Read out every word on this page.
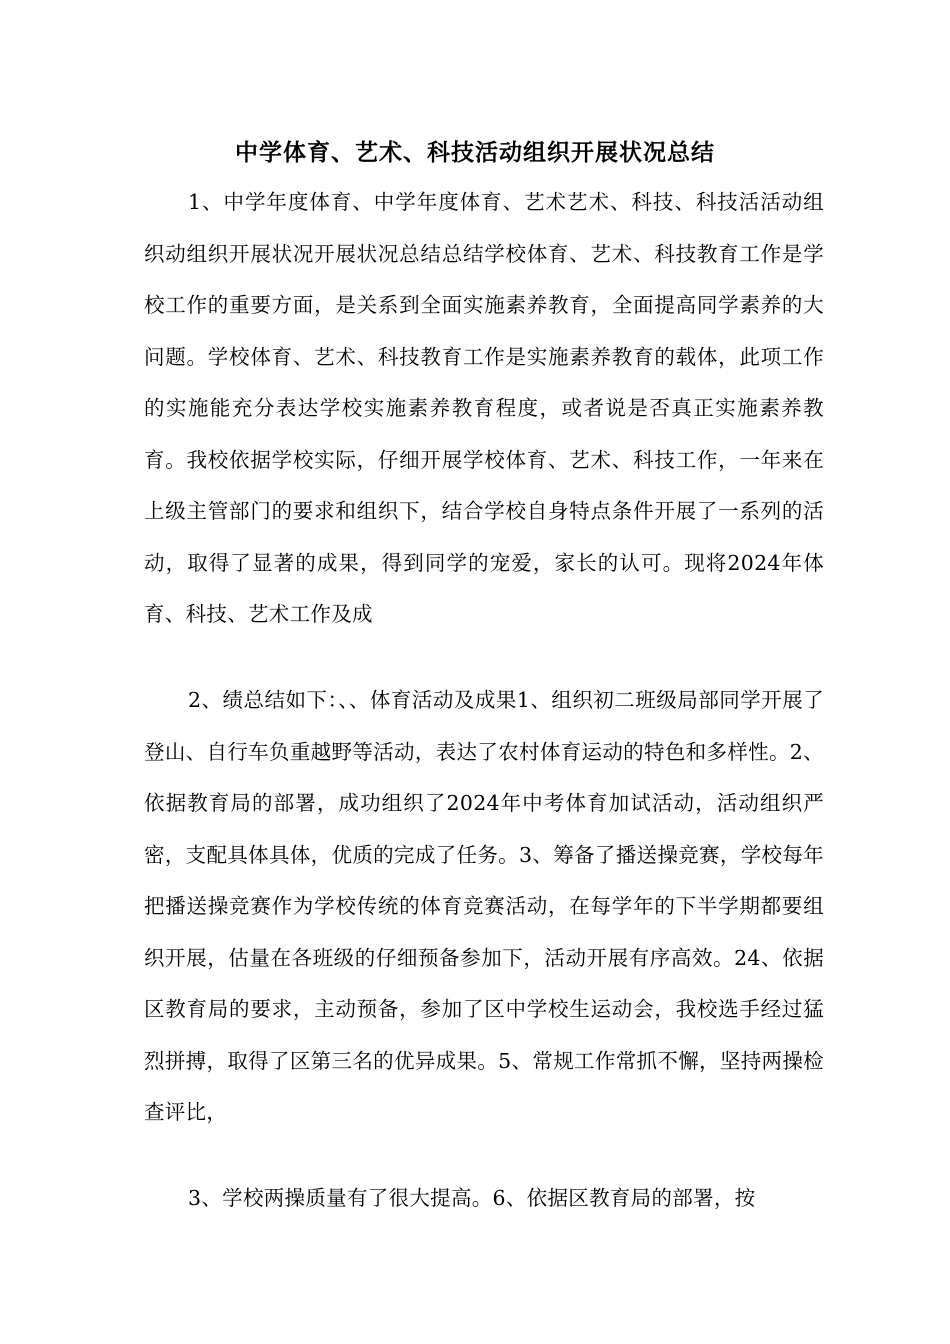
中学体育、艺术、科技活动组织开展状况总结
1、中学年度体育、中学年度体育、艺术艺术、科技、科技活活动组织动组织开展状况开展状况总结总结学校体育、艺术、科技教育工作是学校工作的重要方面，是关系到全面实施素养教育，全面提高同学素养的大问题。学校体育、艺术、科技教育工作是实施素养教育的载体，此项工作的实施能充分表达学校实施素养教育程度，或者说是否真正实施素养教育。我校依据学校实际，仔细开展学校体育、艺术、科技工作，一年来在上级主管部门的要求和组织下，结合学校自身特点条件开展了一系列的活动，取得了显著的成果，得到同学的宠爱，家长的认可。现将2024年体育、科技、艺术工作及成
2、绩总结如下：、、体育活动及成果1、组织初二班级局部同学开展了登山、自行车负重越野等活动，表达了农村体育运动的特色和多样性。2、依据教育局的部署，成功组织了2024年中考体育加试活动，活动组织严密，支配具体具体，优质的完成了任务。3、筹备了播送操竞赛，学校每年把播送操竞赛作为学校传统的体育竞赛活动，在每学年的下半学期都要组织开展，估量在各班级的仔细预备参加下，活动开展有序高效。24、依据区教育局的要求，主动预备，参加了区中学校生运动会，我校选手经过猛烈拼搏，取得了区第三名的优异成果。5、常规工作常抓不懈，坚持两操检查评比，
3、学校两操质量有了很大提高。6、依据区教育局的部署，按
